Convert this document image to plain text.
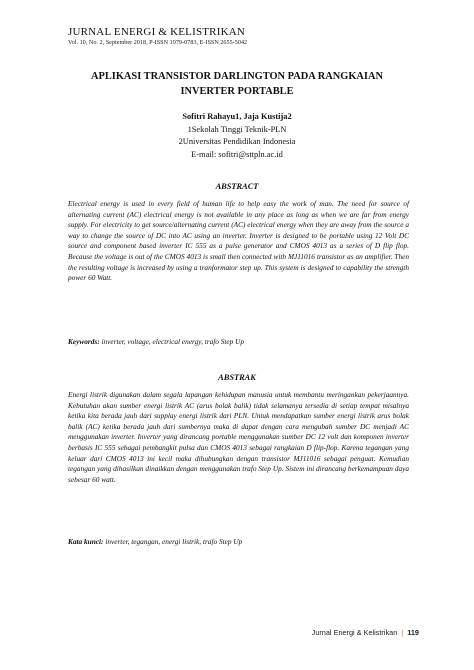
JURNAL ENERGI & KELISTRIKAN
Vol. 10, No. 2, September 2018, P-ISSN 1979-0783, E-ISSN 2655-5042
APLIKASI TRANSISTOR DARLINGTON PADA RANGKAIAN
INVERTER PORTABLE
Sofitri Rahayu1, Jaja Kustija2
1Sekolah Tinggi Teknik-PLN
2Universitas Pendidikan Indonesia
E-mail: sofitri@sttpln.ac.id
ABSTRACT
Electrical energy is used in every field of human life to help easy the work of man. The need for source of alternating current (AC) electrical energy is not available in any place as long as when we are far from energy supply. For electricity to get source/alternating current (AC) electrical energy when they are away from the source a way to change the source of DC into AC using an inverter. Inverter is designed to be portable using 12 Volt DC source and component based inverter IC 555 as a pulse generator and CMOS 4013 as a series of D flip flop. Because the voltage is out of the CMOS 4013 is small then connected with MJ11016 transistor as an amplifier. Then the resulting voltage is increased by using a tranformator step up. This system is designed to capability the strength power 60 Watt.
Keywords: inverter, voltage, electrical energy, trafo Step Up
ABSTRAK
Energi listrik digunakan dalam segala lapangan kehidupan manusia untuk membantu meringankan pekerjaannya. Kebutuhan akan sumber energi listrik AC (arus bolak balik) tidak selamanya tersedia di setiap tempat misalnya ketika kita berada jauh dari supplay energi listrik dari PLN. Untuk mendapatkan sumber energi listrik arus bolak balik (AC) ketika berada jauh dari sumbernya maka di dapat dengan cara mengubah sumber DC menjadi AC menggunakan inverter. Inverter yang dirancang portable menggunakan sumber DC 12 volt dan komponen inverter berbasis IC 555 sebagai pembangkit pulsa dan CMOS 4013 sebagai rangkaian D flip-flop. Karena tegangan yang keluar dari CMOS 4013 ini kecil maka dihubungkan dengan transistor MJ11016 sebagai penguat. Kemudian tegangan yang dihasilkan dinaikkan dengan menggunakan trafo Step Up. Sistem ini dirancang berkemampuan daya sebesar 60 watt.
Kata kunci: inverter, tegangan, energi listrik, trafo Step Up
Jurnal Energi & Kelistrikan | 119
